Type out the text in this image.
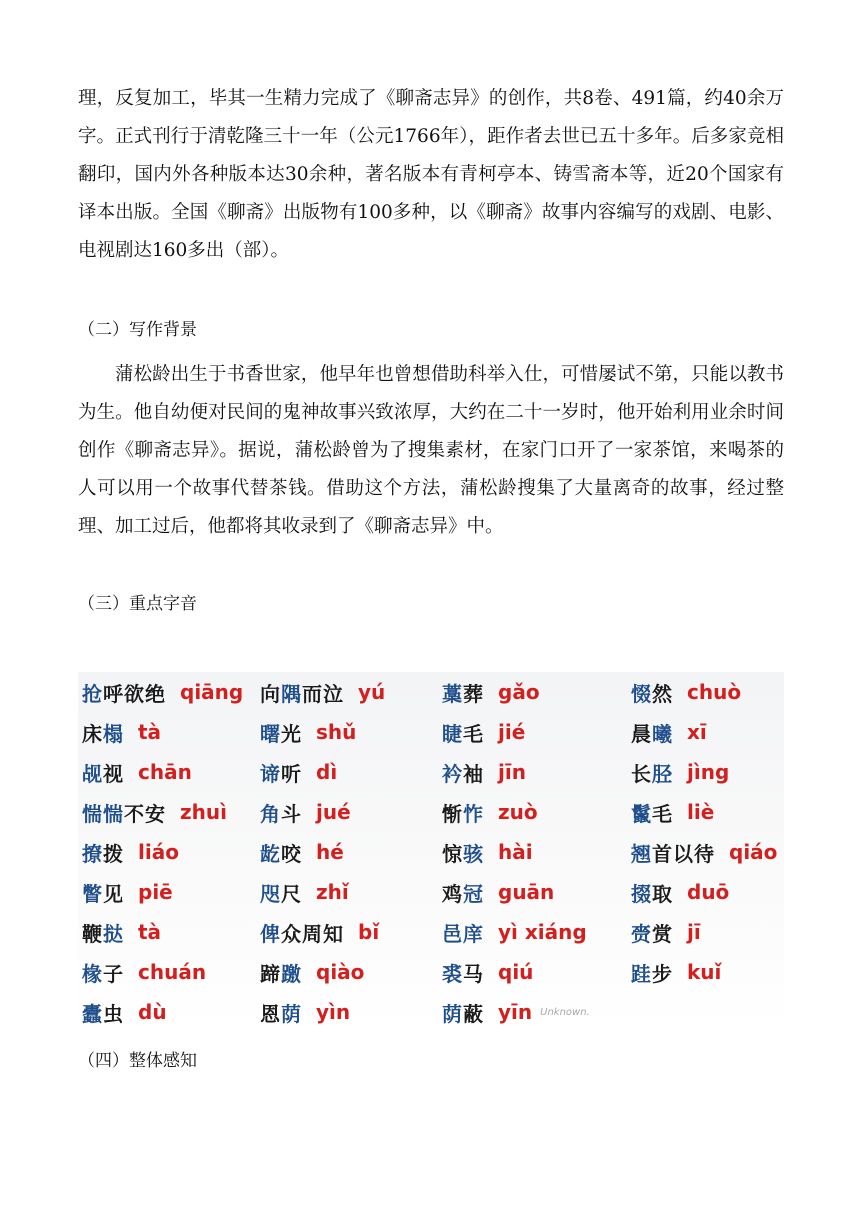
理，反复加工，毕其一生精力完成了《聊斋志异》的创作，共8卷、491篇，约40余万字。正式刊行于清乾隆三十一年（公元1766年），距作者去世已五十多年。后多家竞相翻印，国内外各种版本达30余种，著名版本有青柯亭本、铸雪斋本等，近20个国家有译本出版。全国《聊斋》出版物有100多种，以《聊斋》故事内容编写的戏剧、电影、电视剧达160多出（部）。

（二）写作背景

蒲松龄出生于书香世家，他早年也曾想借助科举入仕，可惜屡试不第，只能以教书为生。他自幼便对民间的鬼神故事兴致浓厚，大约在二十一岁时，他开始利用业余时间创作《聊斋志异》。据说，蒲松龄曾为了搜集素材，在家门口开了一家茶馆，来喝茶的人可以用一个故事代替茶钱。借助这个方法，蒲松龄搜集了大量离奇的故事，经过整理、加工过后，他都将其收录到了《聊斋志异》中。

（三）重点字音
抢呼欲绝 qiāng 向隅而泣 yú	藁葬 gǎo	惙然 chuò
床榻 tà	曙光 shǔ	睫毛 jié	晨曦 xī
觇视 chān	谛听 dì	衿袖 jīn	长胫 jìng
惴惴不安 zhuì 角斗 jué	惭怍 zuò	鬣毛 liè
撩拨 liáo	龁咬 hé	惊骇 hài	翘首以待 qiáo
瞥见 piē	咫尺 zhǐ	鸡冠 guān	掇取 duō
鞭挞 tà	俾众周知 bǐ	邑庠 yì xiáng 赍赏 jī
椽子 chuán	蹄躈 qiào	裘马 qiú	跬步 kuǐ
蠹虫 dù	恩荫 yìn	荫蔽 yīn Unknown.
（四）整体感知
